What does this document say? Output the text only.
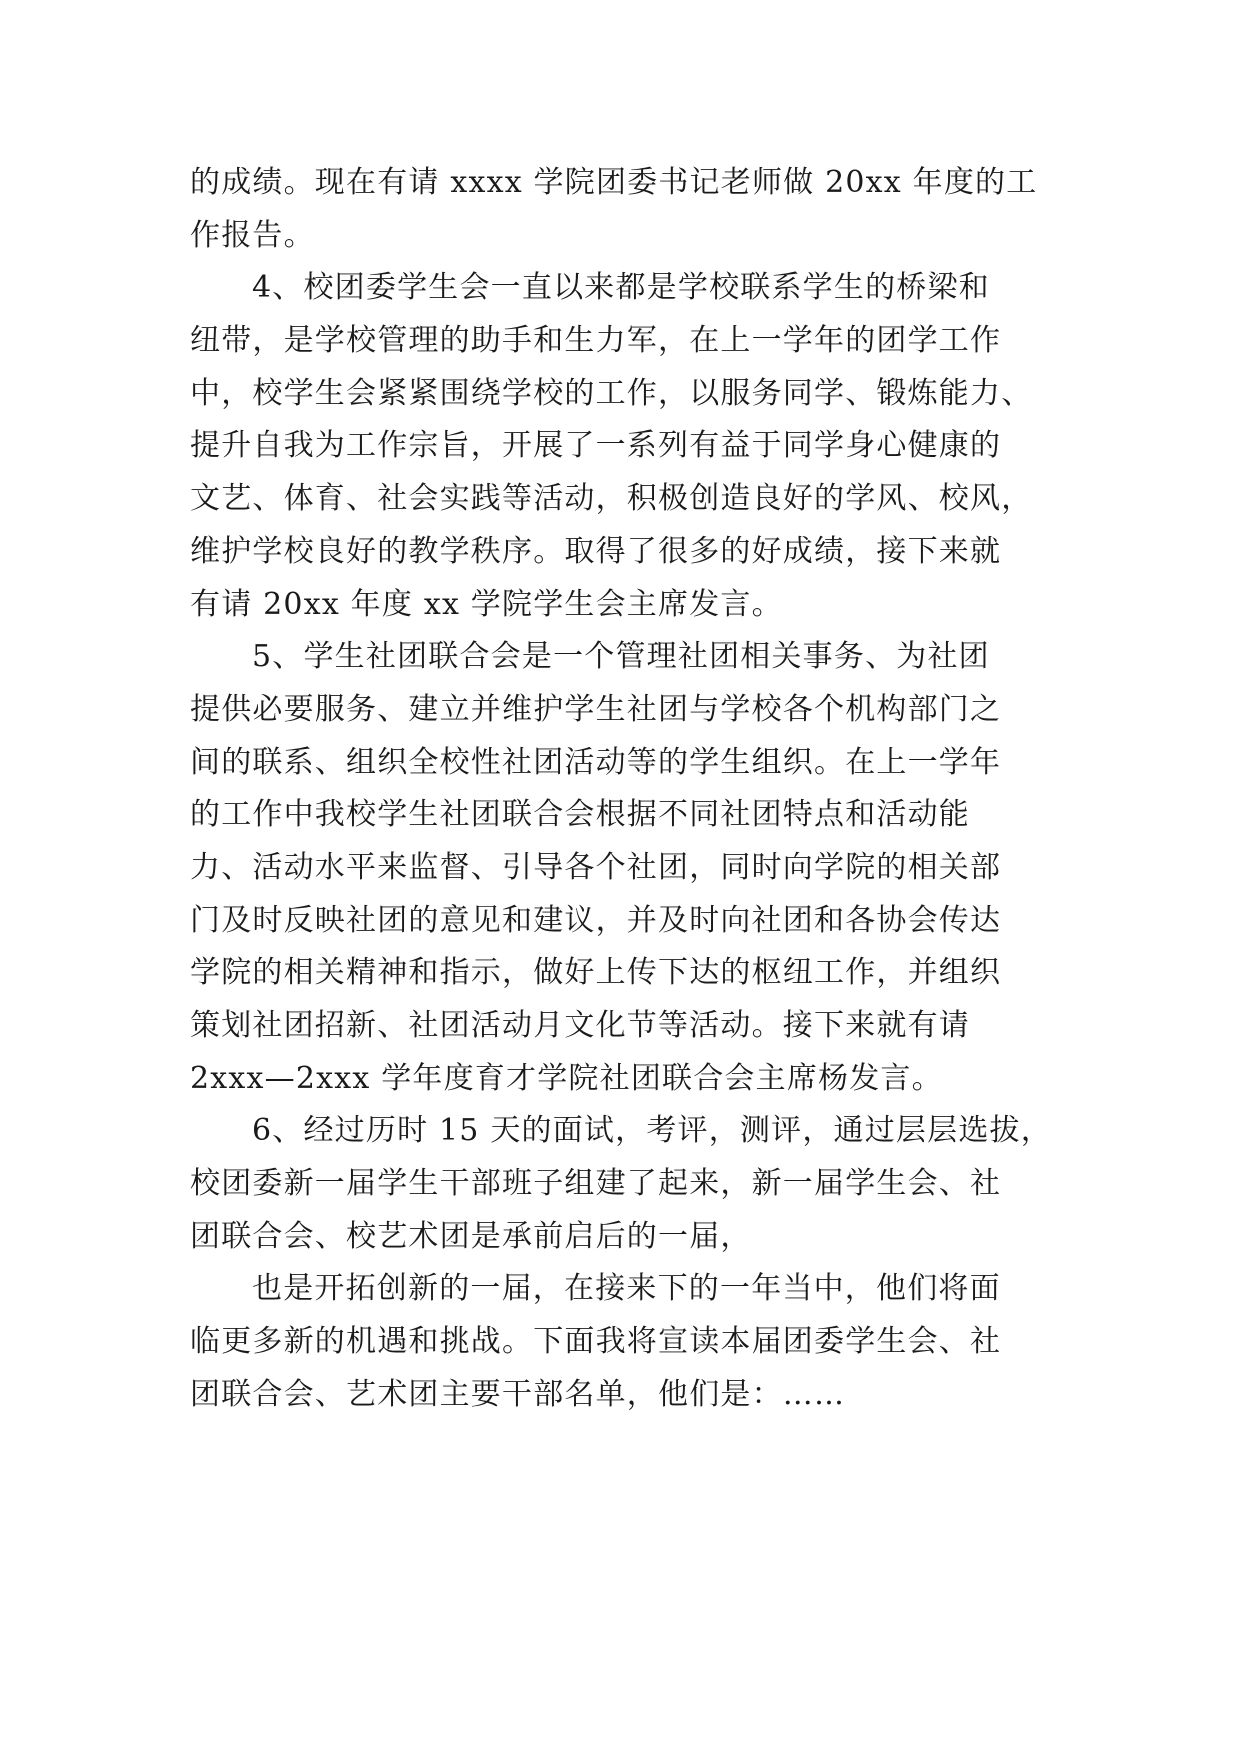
的成绩。现在有请 xxxx 学院团委书记老师做 20xx 年度的工
作报告。
4、校团委学生会一直以来都是学校联系学生的桥梁和
纽带，是学校管理的助手和生力军，在上一学年的团学工作
中，校学生会紧紧围绕学校的工作，以服务同学、锻炼能力、
提升自我为工作宗旨，开展了一系列有益于同学身心健康的
文艺、体育、社会实践等活动，积极创造良好的学风、校风，
维护学校良好的教学秩序。取得了很多的好成绩，接下来就
有请 20xx 年度 xx 学院学生会主席发言。
5、学生社团联合会是一个管理社团相关事务、为社团
提供必要服务、建立并维护学生社团与学校各个机构部门之
间的联系、组织全校性社团活动等的学生组织。在上一学年
的工作中我校学生社团联合会根据不同社团特点和活动能
力、活动水平来监督、引导各个社团，同时向学院的相关部
门及时反映社团的意见和建议，并及时向社团和各协会传达
学院的相关精神和指示，做好上传下达的枢纽工作，并组织
策划社团招新、社团活动月文化节等活动。接下来就有请
2xxx—2xxx 学年度育才学院社团联合会主席杨发言。
6、经过历时 15 天的面试，考评，测评，通过层层选拔，
校团委新一届学生干部班子组建了起来，新一届学生会、社
团联合会、校艺术团是承前启后的一届，
也是开拓创新的一届，在接来下的一年当中，他们将面
临更多新的机遇和挑战。下面我将宣读本届团委学生会、社
团联合会、艺术团主要干部名单，他们是：……
